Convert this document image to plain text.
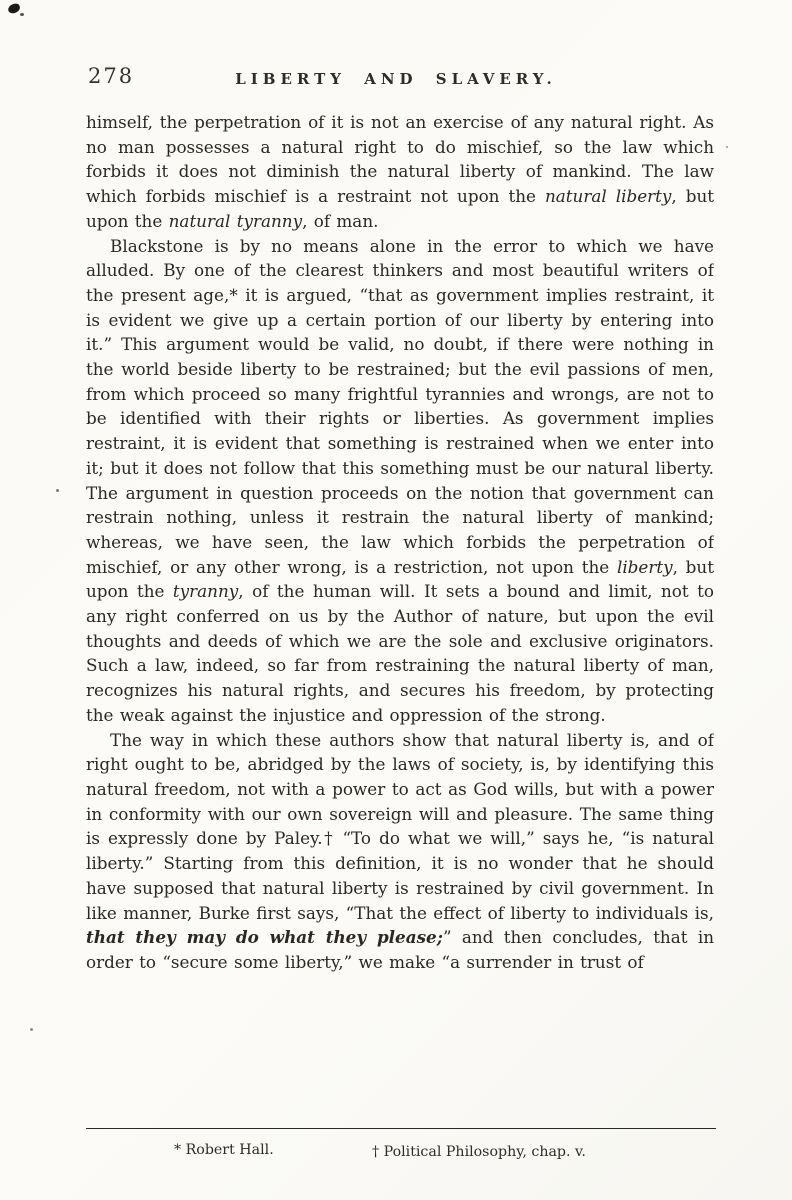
278	LIBERTY AND SLAVERY.

himself, the perpetration of it is not an exercise of any natural right. As no man possesses a natural right to do mischief, so the law which forbids it does not diminish the natural liberty of mankind. The law which forbids mischief is a restraint not upon the natural liberty, but upon the natural tyranny, of man.

Blackstone is by no means alone in the error to which we have alluded. By one of the clearest thinkers and most beautiful writers of the present age,* it is argued, “that as government implies restraint, it is evident we give up a certain portion of our liberty by entering into it.” This argument would be valid, no doubt, if there were nothing in the world beside liberty to be restrained; but the evil passions of men, from which proceed so many frightful tyrannies and wrongs, are not to be identified with their rights or liberties. As government implies restraint, it is evident that something is restrained when we enter into it; but it does not follow that this something must be our natural liberty. The argument in question proceeds on the notion that government can restrain nothing, unless it restrain the natural liberty of mankind; whereas, we have seen, the law which forbids the perpetration of mischief, or any other wrong, is a restriction, not upon the liberty, but upon the tyranny, of the human will. It sets a bound and limit, not to any right conferred on us by the Author of nature, but upon the evil thoughts and deeds of which we are the sole and exclusive originators. Such a law, indeed, so far from restraining the natural liberty of man, recognizes his natural rights, and secures his freedom, by protecting the weak against the injustice and oppression of the strong.

The way in which these authors show that natural liberty is, and of right ought to be, abridged by the laws of society, is, by identifying this natural freedom, not with a power to act as God wills, but with a power in conformity with our own sovereign will and pleasure. The same thing is expressly done by Paley.† “To do what we will,” says he, “is natural liberty.” Starting from this definition, it is no wonder that he should have supposed that natural liberty is restrained by civil government. In like manner, Burke first says, “That the effect of liberty to individuals is, that they may do what they please;” and then concludes, that in order to “secure some liberty,” we make “a surrender in trust of

* Robert Hall.	† Political Philosophy, chap. v.
